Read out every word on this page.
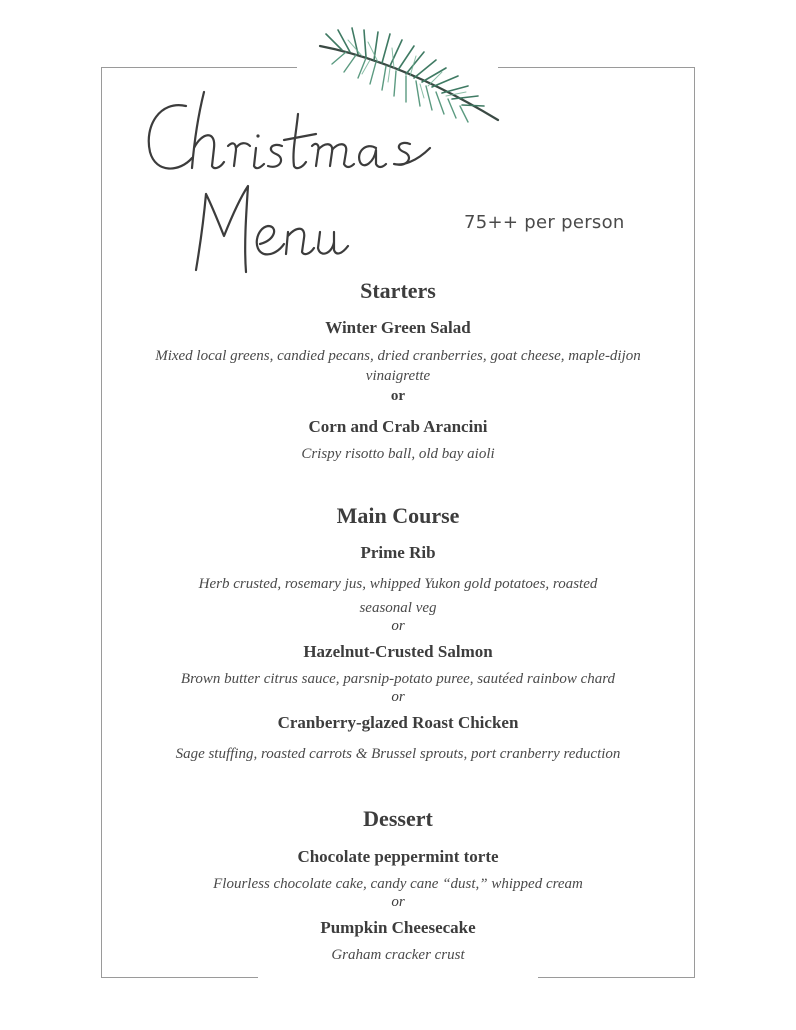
Christmas
75++ per person
Starters
Winter Green Salad
Mixed local greens, candied pecans, dried cranberries, goat cheese, maple-dijon
vinaigrette
or
Corn and Crab Arancini
Crispy risotto ball, old bay aioli
Main Course
Prime Rib
Herb crusted, rosemary jus, whipped Yukon gold potatoes, roasted
seasonal veg
or
Hazelnut-Crusted Salmon
Brown butter citrus sauce, parsnip-potato puree, sautéed rainbow chard
or
Cranberry-glazed Roast Chicken
Sage stuffing, roasted carrots & Brussel sprouts, port cranberry reduction
Dessert
Chocolate peppermint torte
Flourless chocolate cake, candy cane “dust,” whipped cream
or
Pumpkin Cheesecake
Graham cracker crust
